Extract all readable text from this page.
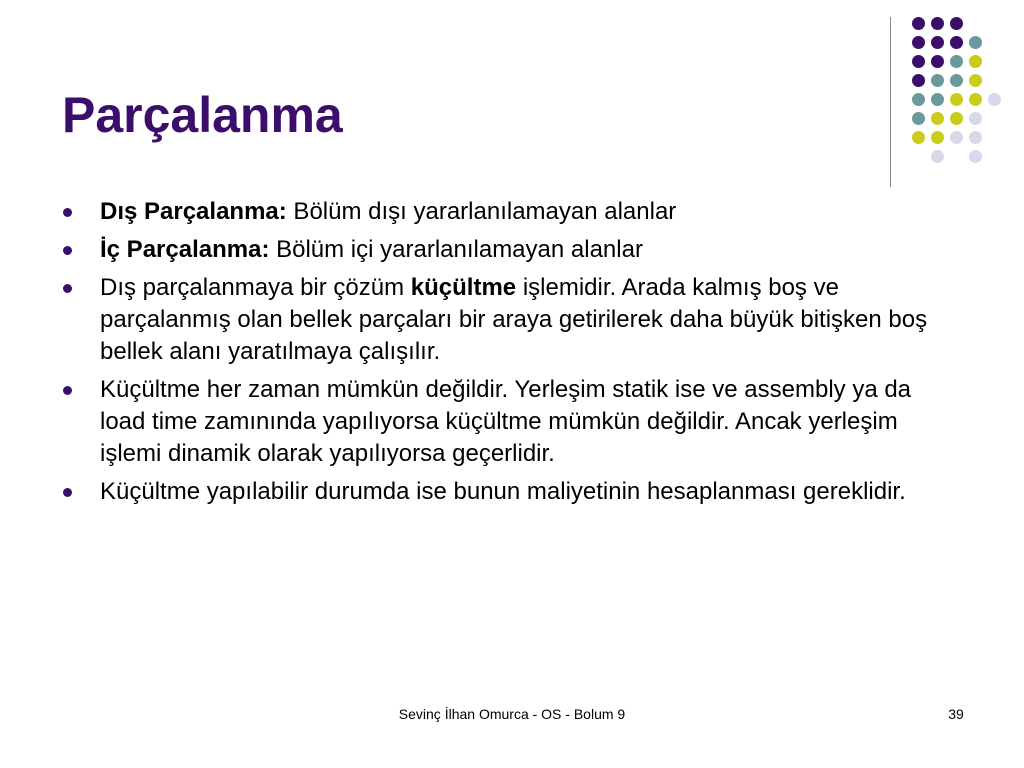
Parçalanma
Dış Parçalanma: Bölüm dışı yararlanılamayan alanlar
İç Parçalanma: Bölüm içi yararlanılamayan alanlar
Dış parçalanmaya bir çözüm küçültme işlemidir. Arada kalmış boş ve parçalanmış olan bellek parçaları bir araya getirilerek daha büyük bitişken boş bellek alanı yaratılmaya çalışılır.
Küçültme her zaman mümkün değildir. Yerleşim statik ise ve assembly ya da load time zamınında yapılıyorsa küçültme mümkün değildir. Ancak yerleşim işlemi dinamik olarak yapılıyorsa geçerlidir.
Küçültme yapılabilir durumda ise bunun maliyetinin hesaplanması gereklidir.
Sevinç İlhan Omurca - OS - Bolum 9	39
